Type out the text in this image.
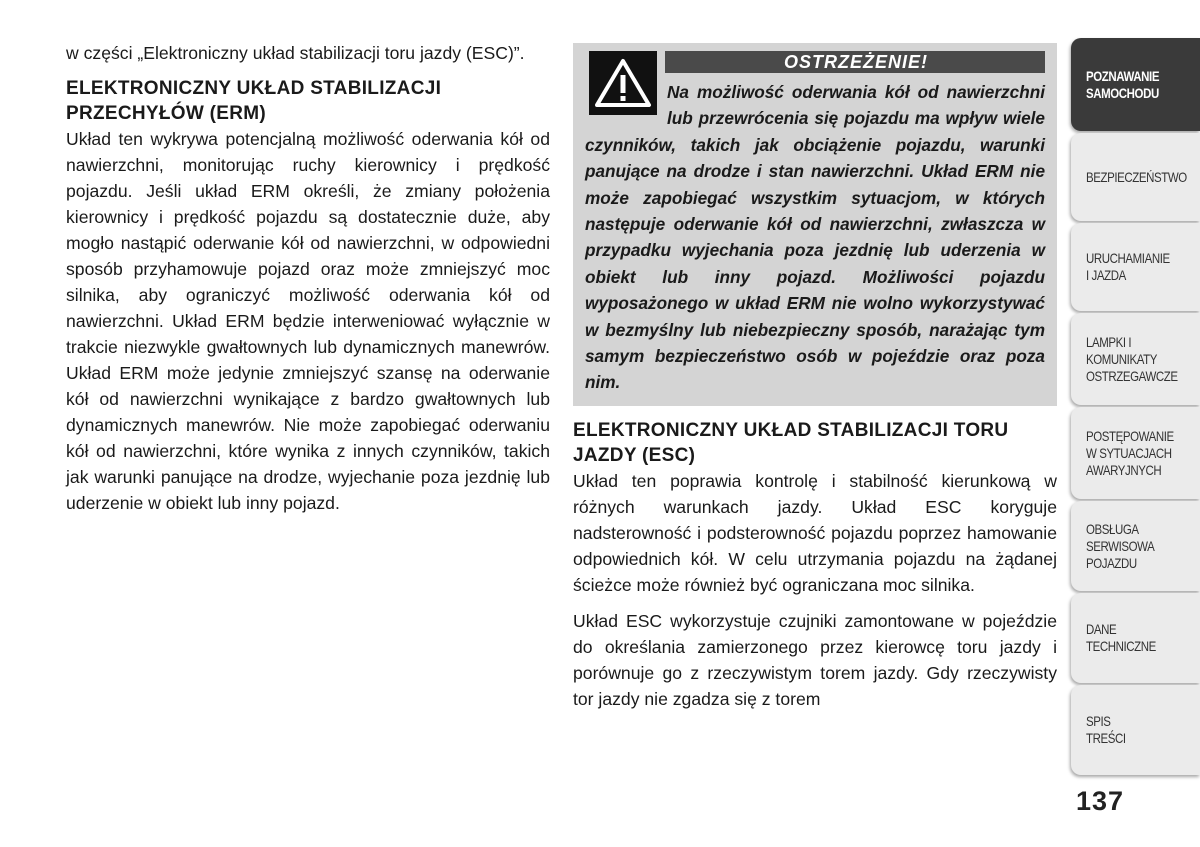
w części „Elektroniczny układ stabilizacji toru jazdy (ESC)”.

ELEKTRONICZNY UKŁAD STABILIZACJI PRZECHYŁÓW (ERM)

Układ ten wykrywa potencjalną możliwość oderwania kół od nawierzchni, monitorując ruchy kierownicy i prędkość pojazdu. Jeśli układ ERM określi, że zmiany położenia kierownicy i prędkość pojazdu są dostatecznie duże, aby mogło nastąpić oderwanie kół od nawierzchni, w odpowiedni sposób przyhamowuje pojazd oraz może zmniejszyć moc silnika, aby ograniczyć możliwość oderwania kół od nawierzchni. Układ ERM będzie interweniować wyłącznie w trakcie niezwykle gwałtownych lub dynamicznych manewrów. Układ ERM może jedynie zmniejszyć szansę na oderwanie kół od nawierzchni wynikające z bardzo gwałtownych lub dynamicznych manewrów. Nie może zapobiegać oderwaniu kół od nawierzchni, które wynika z innych czynników, takich jak warunki panujące na drodze, wyjechanie poza jezdnię lub uderzenie w obiekt lub inny pojazd.

OSTRZEŻENIE!

Na możliwość oderwania kół od nawierzchni lub przewrócenia się pojazdu ma wpływ wiele czynników, takich jak obciążenie pojazdu, warunki panujące na drodze i stan nawierzchni. Układ ERM nie może zapobiegać wszystkim sytuacjom, w których następuje oderwanie kół od nawierzchni, zwłaszcza w przypadku wyjechania poza jezdnię lub uderzenia w obiekt lub inny pojazd. Możliwości pojazdu wyposażonego w układ ERM nie wolno wykorzystywać w bezmyślny lub niebezpieczny sposób, narażając tym samym bezpieczeństwo osób w pojeździe oraz poza nim.

ELEKTRONICZNY UKŁAD STABILIZACJI TORU JAZDY (ESC)

Układ ten poprawia kontrolę i stabilność kierunkową w różnych warunkach jazdy. Układ ESC koryguje nadsterowność i podsterowność pojazdu poprzez hamowanie odpowiednich kół. W celu utrzymania pojazdu na żądanej ścieżce może również być ograniczana moc silnika.

Układ ESC wykorzystuje czujniki zamontowane w pojeździe do określania zamierzonego przez kierowcę toru jazdy i porównuje go z rzeczywistym torem jazdy. Gdy rzeczywisty tor jazdy nie zgadza się z torem

POZNAWANIE
SAMOCHODU
BEZPIECZEŃSTWO
URUCHAMIANIE
I JAZDA
LAMPKI I
KOMUNIKATY
OSTRZEGAWCZE
POSTĘPOWANIE
W SYTUACJACH
AWARYJNYCH
OBSŁUGA
SERWISOWA
POJAZDU
DANE
TECHNICZNE
SPIS
TREŚCI
137
